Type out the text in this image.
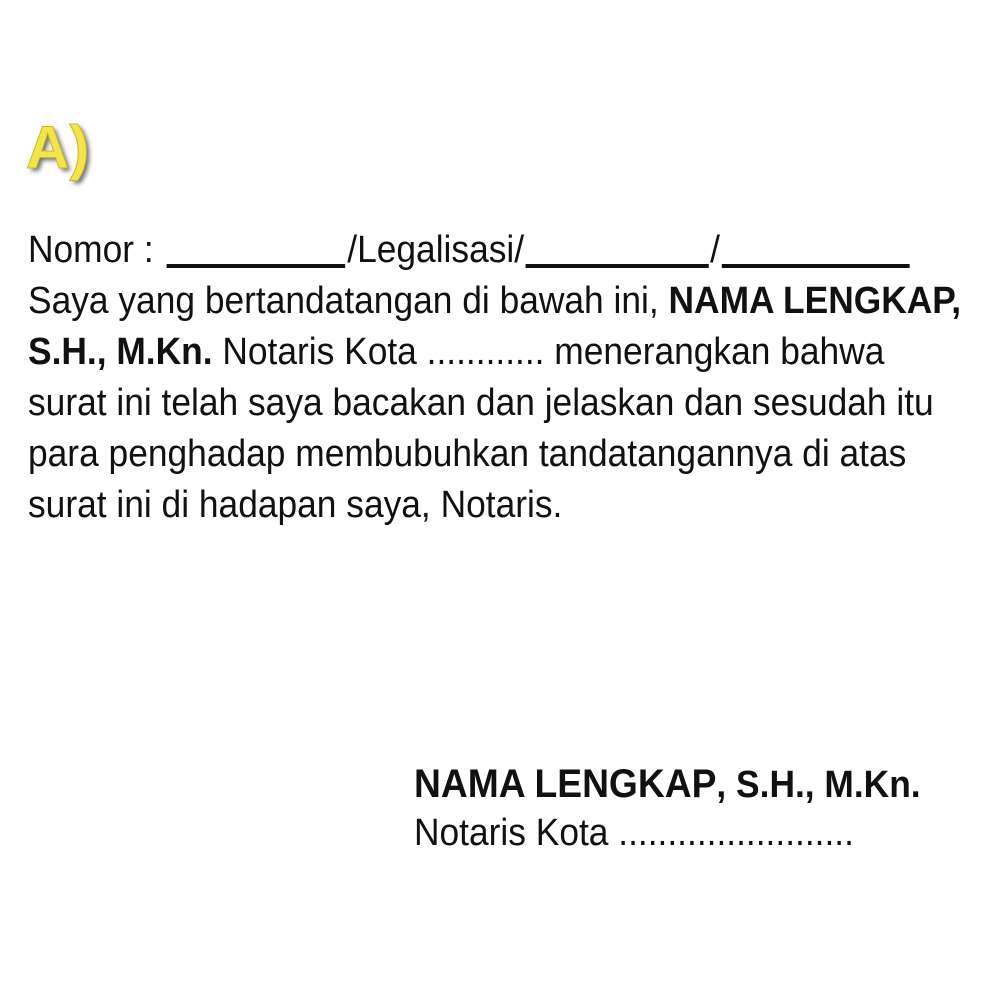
A)
Nomor :	/Legalisasi/	/
Saya yang bertandatangan di bawah ini, NAMA LENGKAP,
S.H., M.Kn. Notaris Kota ............ menerangkan bahwa
surat ini telah saya bacakan dan jelaskan dan sesudah itu
para penghadap membubuhkan tandatangannya di atas
surat ini di hadapan saya, Notaris.
NAMA LENGKAP, S.H., M.Kn.
Notaris Kota ........................
